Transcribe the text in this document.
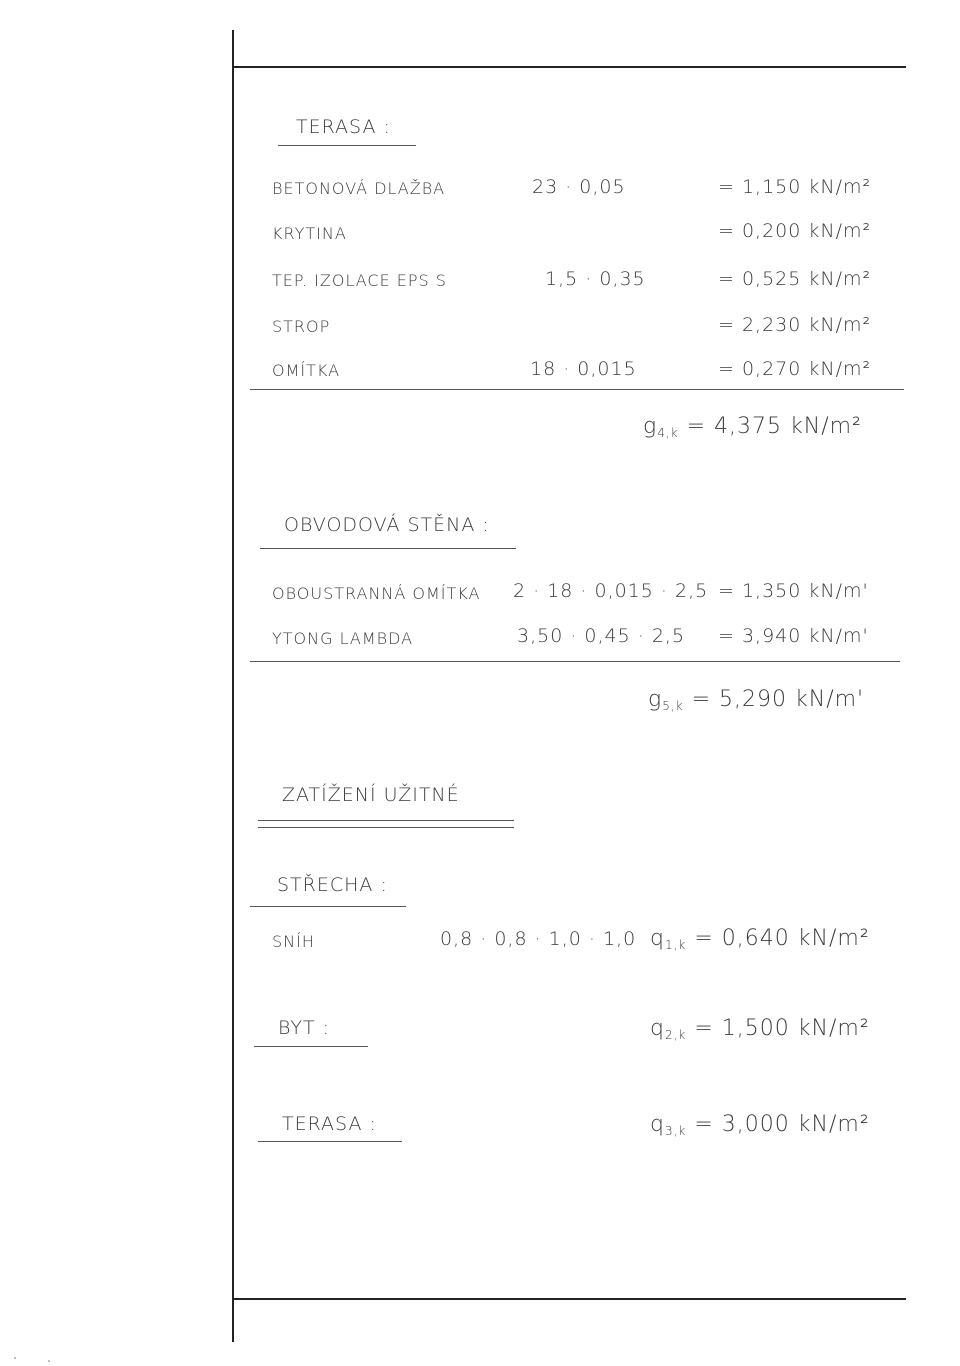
TERASA :
BETONOVÁ DLAŽBA	23 · 0,05	= 1,150 kN/m²
KRYTINA	= 0,200 kN/m²
TEP. IZOLACE EPS S	1,5 · 0,35	= 0,525 kN/m²
STROP	= 2,230 kN/m²
OMÍTKA	18 · 0,015	= 0,270 kN/m²
$g_{4,k} = 4,375$ kN/m²
OBVODOVÁ STĚNA :
OBOUSTRANNÁ OMÍTKA 2 · 18 · 0,015 · 2,5 = 1,350 kN/m'
YTONG LAMBDA	3,50 · 0,45 · 2,5 = 3,940 kN/m'
$g_{5,k} = 5,290$ kN/m'
ZATÍŽENÍ UŽITNÉ
STŘECHA :
SNÍH	0,8 · 0,8 · 1,0 · 1,0 $q_{1,k} = 0,640$ kN/m²
BYT :	$q_{2,k} = 1,500$ kN/m²
TERASA :	$q_{3,k} = 3,000$ kN/m²
